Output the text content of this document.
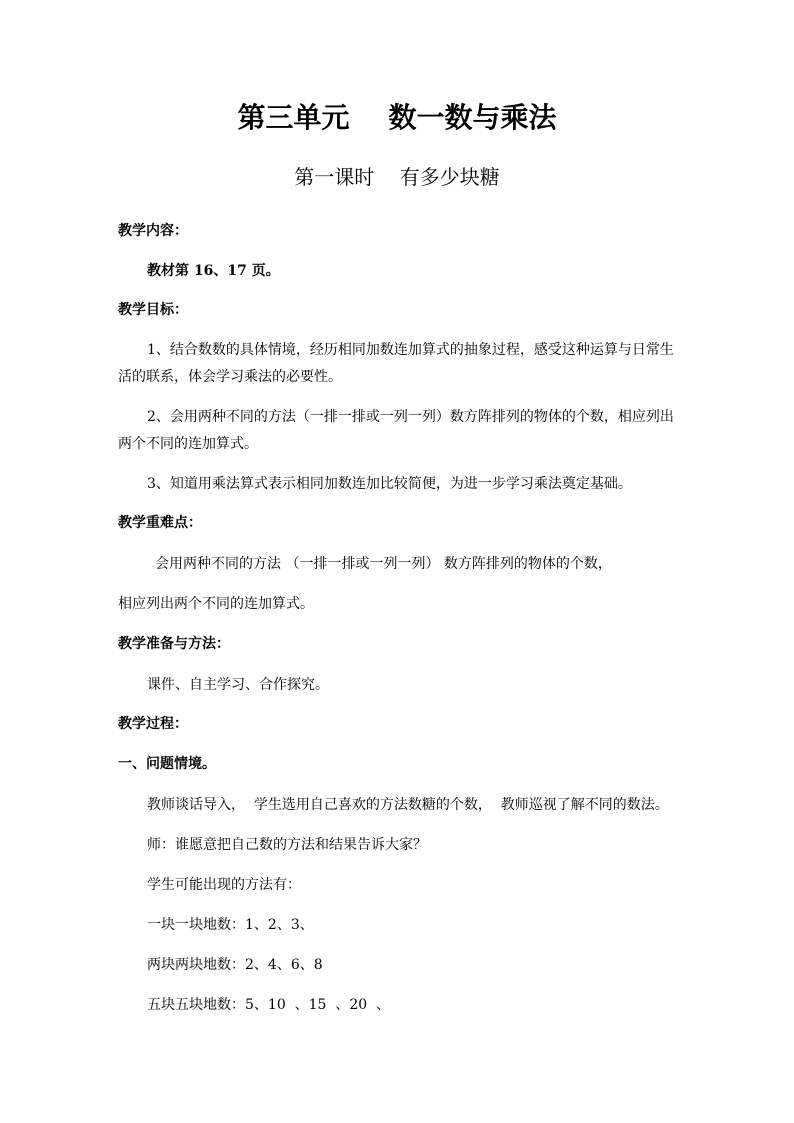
第三单元    数一数与乘法
第一课时    有多少块糖
教学内容：
教材第 16、17 页。
教学目标：
1、结合数数的具体情境，经历相同加数连加算式的抽象过程，感受这种运算与日常生
活的联系，体会学习乘法的必要性。
2、会用两种不同的方法（一排一排或一列一列）数方阵排列的物体的个数，相应列出
两个不同的连加算式。
3、知道用乘法算式表示相同加数连加比较简便，为进一步学习乘法奠定基础。
教学重难点：
会用两种不同的方法 （一排一排或一列一列） 数方阵排列的物体的个数，
相应列出两个不同的连加算式。
教学准备与方法：
课件、自主学习、合作探究。
教学过程：
一、问题情境。
教师谈话导入，  学生选用自己喜欢的方法数糖的个数，  教师巡视了解不同的数法。
师：谁愿意把自己数的方法和结果告诉大家？
学生可能出现的方法有：
一块一块地数：1、2、3、
两块两块地数：2、4、6、8
五块五块地数：5、10  、15  、20  、
